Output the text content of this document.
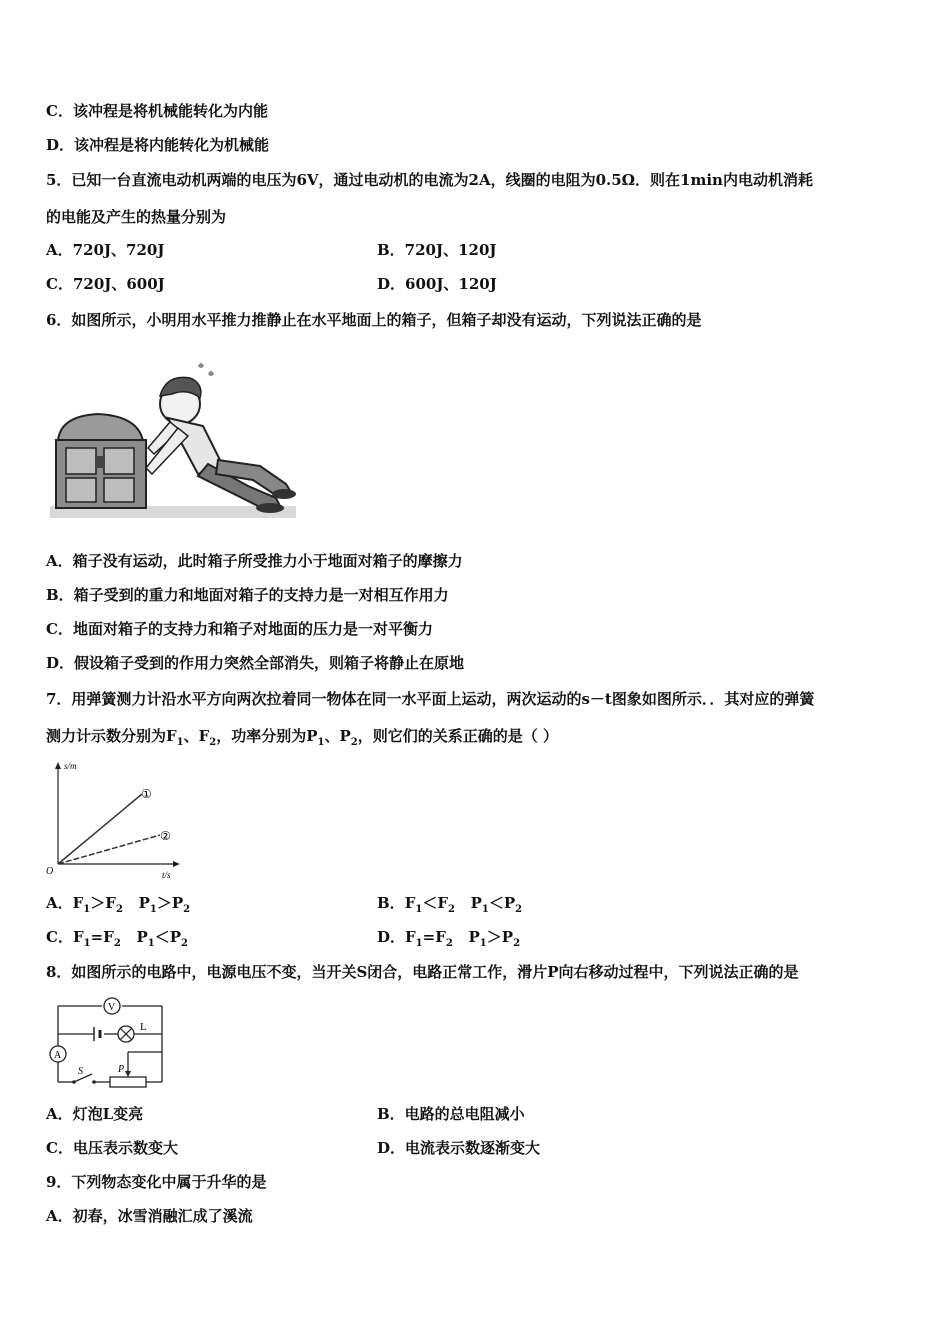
C．该冲程是将机械能转化为内能
D．该冲程是将内能转化为机械能
5．已知一台直流电动机两端的电压为6V，通过电动机的电流为2A，线圈的电阻为0.5Ω．则在1min内电动机消耗
的电能及产生的热量分别为
A．720J、720J	B．720J、120J
C．720J、600J	D．600J、120J
6．如图所示，小明用水平推力推静止在水平地面上的箱子，但箱子却没有运动，下列说法正确的是
A．箱子没有运动，此时箱子所受推力小于地面对箱子的摩擦力
B．箱子受到的重力和地面对箱子的支持力是一对相互作用力
C．地面对箱子的支持力和箱子对地面的压力是一对平衡力
D．假设箱子受到的作用力突然全部消失，则箱子将静止在原地
7．用弹簧测力计沿水平方向两次拉着同一物体在同一水平面上运动，两次运动的s－t图象如图所示．．其对应的弹簧
测力计示数分别为$F_1$、$F_2$，功率分别为$P_1$、$P_2$，则它们的关系正确的是（ ）
s/m
t/s
O
①
②
A．$F_1>F_2$ $P_1>P_2$	B．$F_1<F_2$ $P_1<P_2$
C．$F_1=F_2$ $P_1<P_2$	D．$F_1=F_2$ $P_1>P_2$
8．如图所示的电路中，电源电压不变，当开关S闭合，电路正常工作，滑片P向右移动过程中，下列说法正确的是
V
L
A
S	P
A．灯泡L变亮	B．电路的总电阻减小
C．电压表示数变大	D．电流表示数逐渐变大
9．下列物态变化中属于升华的是
A．初春，冰雪消融汇成了溪流
